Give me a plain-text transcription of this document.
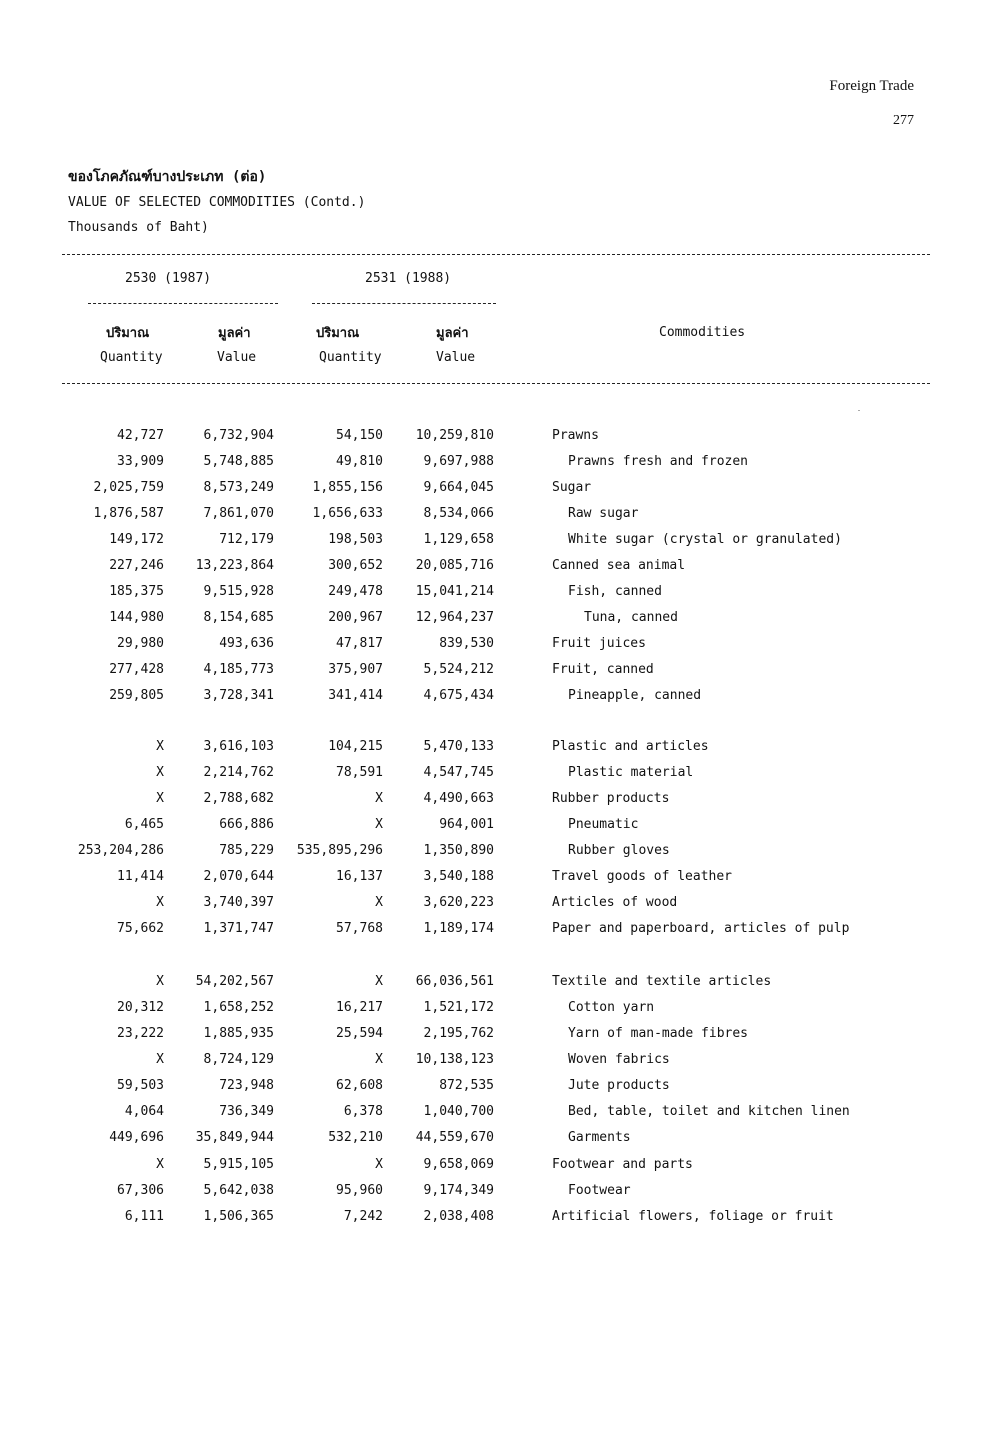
Foreign Trade
277
ของโภคภัณฑ์บางประเภท (ต่อ)
VALUE OF SELECTED COMMODITIES (Contd.)
Thousands of Baht)
2530 (1987)	2531 (1988)
ปริมาณ	มูลค่า	ปริมาณ	มูลค่า	Commodities
Quantity	Value	Quantity	Value
42,727	6,732,904	54,150	10,259,810	Prawns
33,909	5,748,885	49,810	9,697,988	Prawns fresh and frozen
2,025,759	8,573,249	1,855,156	9,664,045	Sugar
1,876,587	7,861,070	1,656,633	8,534,066	Raw sugar
149,172	712,179	198,503	1,129,658	White sugar (crystal or granulated)
227,246 13,223,864	300,652	20,085,716	Canned sea animal
185,375	9,515,928	249,478	15,041,214	Fish, canned
144,980	8,154,685	200,967	12,964,237	Tuna, canned
29,980	493,636	47,817	839,530	Fruit juices
277,428	4,185,773	375,907	5,524,212	Fruit, canned
259,805	3,728,341	341,414	4,675,434	Pineapple, canned
X	3,616,103	104,215	5,470,133	Plastic and articles
X	2,214,762	78,591	4,547,745	Plastic material
X	2,788,682	X	4,490,663	Rubber products
6,465	666,886	X	964,001	Pneumatic
253,204,286	785,229 535,895,296	1,350,890	Rubber gloves
11,414	2,070,644	16,137	3,540,188	Travel goods of leather
X	3,740,397	X	3,620,223	Articles of wood
75,662	1,371,747	57,768	1,189,174	Paper and paperboard, articles of pulp
X 54,202,567	X	66,036,561	Textile and textile articles
20,312	1,658,252	16,217	1,521,172	Cotton yarn
23,222	1,885,935	25,594	2,195,762	Yarn of man-made fibres
X	8,724,129	X	10,138,123	Woven fabrics
59,503	723,948	62,608	872,535	Jute products
4,064	736,349	6,378	1,040,700	Bed, table, toilet and kitchen linen
449,696 35,849,944	532,210	44,559,670	Garments
X	5,915,105	X	9,658,069	Footwear and parts
67,306	5,642,038	95,960	9,174,349	Footwear
6,111	1,506,365	7,242	2,038,408	Artificial flowers, foliage or fruit
